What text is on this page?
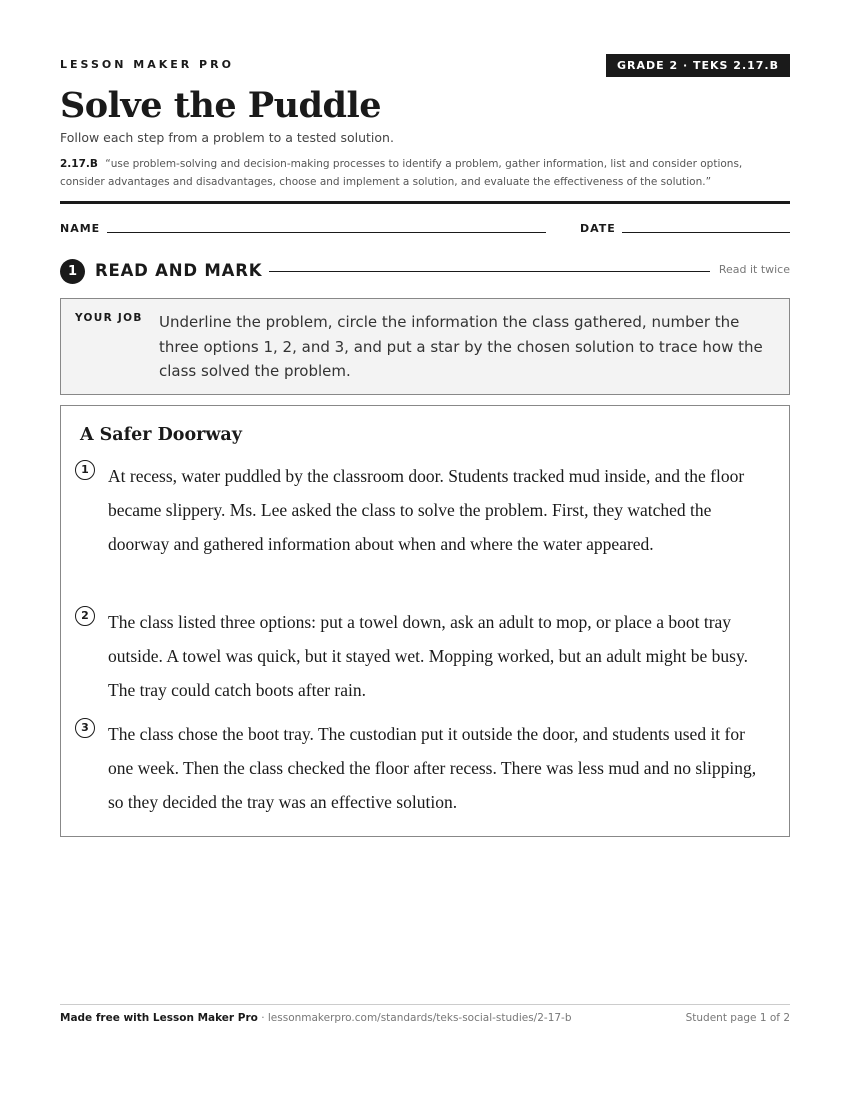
LESSON MAKER PRO	GRADE 2 · TEKS 2.17.B
Solve the Puddle
Follow each step from a problem to a tested solution.
2.17.B “use problem-solving and decision-making processes to identify a problem, gather information, list and consider options, consider advantages and disadvantages, choose and implement a solution, and evaluate the effectiveness of the solution.”
NAME	DATE
1	READ AND MARK	Read it twice
YOUR JOB Underline the problem, circle the information the class gathered, number the three options 1, 2, and 3, and put a star by the chosen solution to trace how the class solved the problem.
A Safer Doorway
1	At recess, water puddled by the classroom door. Students tracked mud inside, and the floor became slippery. Ms. Lee asked the class to solve the problem. First, they watched the doorway and gathered information about when and where the water appeared.

2	The class listed three options: put a towel down, ask an adult to mop, or place a boot tray outside. A towel was quick, but it stayed wet. Mopping worked, but an adult might be busy. The tray could catch boots after rain.

3	The class chose the boot tray. The custodian put it outside the door, and students used it for one week. Then the class checked the floor after recess. There was less mud and no slipping, so they decided the tray was an effective solution.

Made free with Lesson Maker Pro · lessonmakerpro.com/standards/teks-social-studies/2-17-b	Student page 1 of 2
